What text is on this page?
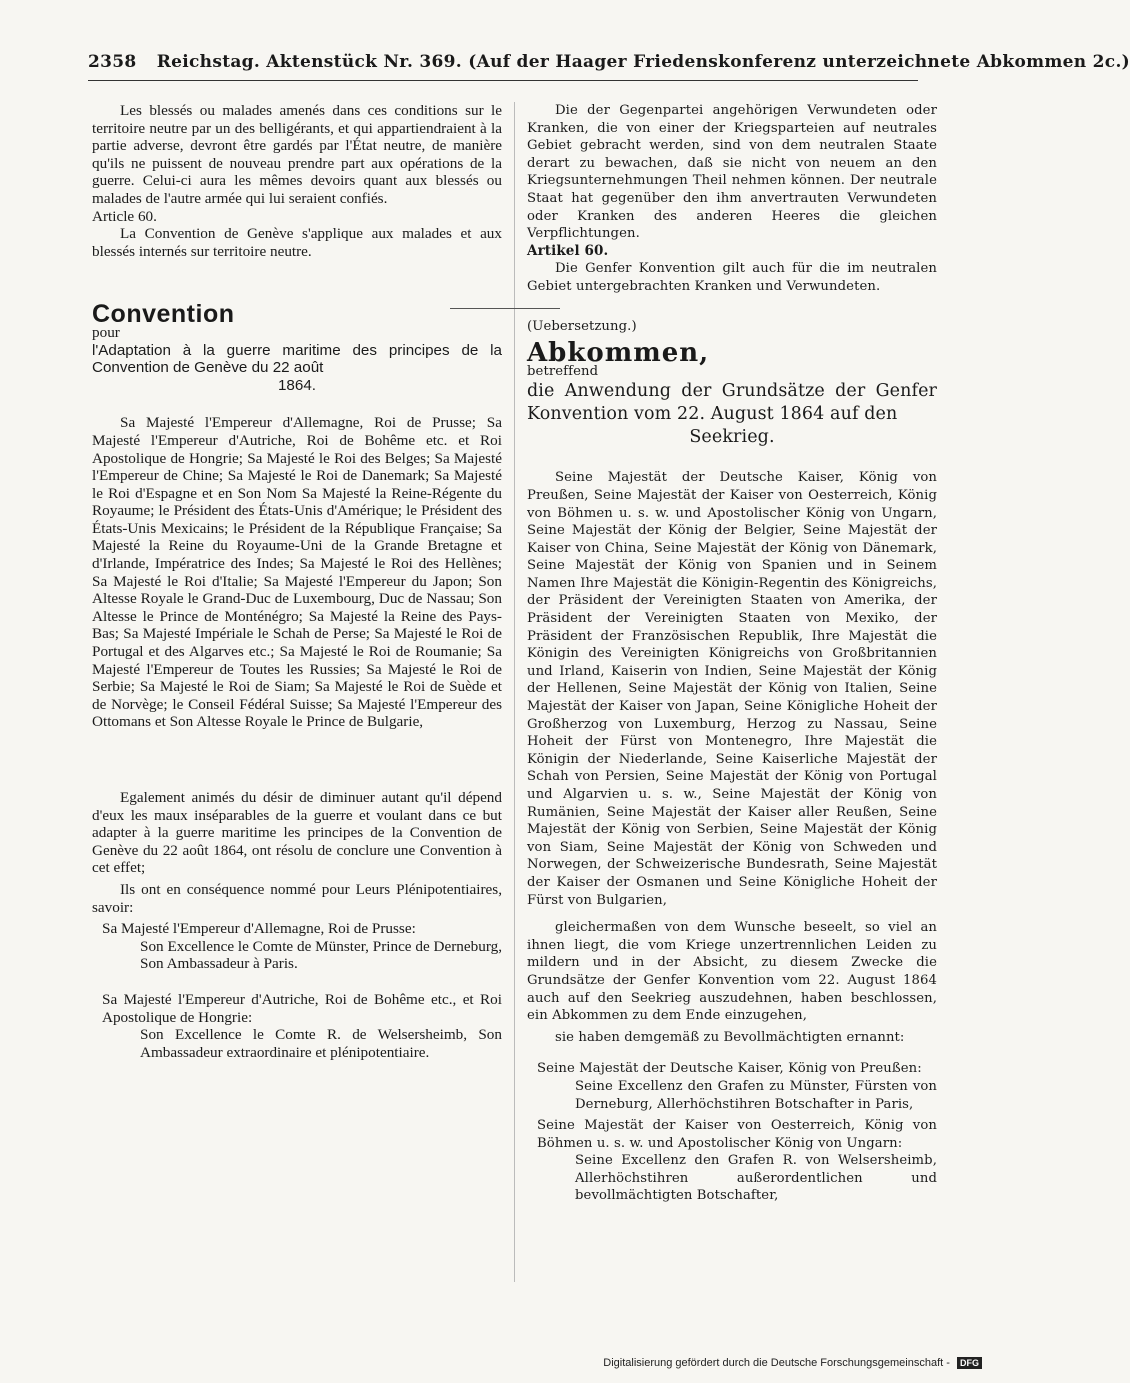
2358 Reichstag. Aktenstück Nr. 369. (Auf der Haager Friedenskonferenz unterzeichnete Abkommen 2c.)

Les blessés ou malades amenés dans ces conditions sur le territoire neutre par un des belligérants, et qui appartiendraient à la partie adverse, devront être gardés par l'État neutre, de manière qu'ils ne puissent de nouveau prendre part aux opérations de la guerre. Celui-ci aura les mêmes devoirs quant aux blessés ou malades de l'autre armée qui lui seraient confiés.

Article 60.

La Convention de Genève s'applique aux malades et aux blessés internés sur territoire neutre.

Convention

pour

l'Adaptation à la guerre maritime des principes de la Convention de Genève du 22 août
1864.

Sa Majesté l'Empereur d'Allemagne, Roi de Prusse; Sa Majesté l'Empereur d'Autriche, Roi de Bohême etc. et Roi Apostolique de Hongrie; Sa Majesté le Roi des Belges; Sa Majesté l'Empereur de Chine; Sa Majesté le Roi de Danemark; Sa Majesté le Roi d'Espagne et en Son Nom Sa Majesté la Reine-Régente du Royaume; le Président des États-Unis d'Amérique; le Président des États-Unis Mexicains; le Président de la République Française; Sa Majesté la Reine du Royaume-Uni de la Grande Bretagne et d'Irlande, Impératrice des Indes; Sa Majesté le Roi des Hellènes; Sa Majesté le Roi d'Italie; Sa Majesté l'Empereur du Japon; Son Altesse Royale le Grand-Duc de Luxembourg, Duc de Nassau; Son Altesse le Prince de Monténégro; Sa Majesté la Reine des Pays-Bas; Sa Majesté Impériale le Schah de Perse; Sa Majesté le Roi de Portugal et des Algarves etc.; Sa Majesté le Roi de Roumanie; Sa Majesté l'Empereur de Toutes les Russies; Sa Majesté le Roi de Serbie; Sa Majesté le Roi de Siam; Sa Majesté le Roi de Suède et de Norvège; le Conseil Fédéral Suisse; Sa Majesté l'Empereur des Ottomans et Son Altesse Royale le Prince de Bulgarie,

Egalement animés du désir de diminuer autant qu'il dépend d'eux les maux inséparables de la guerre et voulant dans ce but adapter à la guerre maritime les principes de la Convention de Genève du 22 août 1864, ont résolu de conclure une Convention à cet effet;

Ils ont en conséquence nommé pour Leurs Plénipotentiaires, savoir:

Sa Majesté l'Empereur d'Allemagne, Roi de Prusse:

Son Excellence le Comte de Münster, Prince de Derneburg, Son Ambassadeur à Paris.

Sa Majesté l'Empereur d'Autriche, Roi de Bohême etc., et Roi Apostolique de Hongrie:

Son Excellence le Comte R. de Welsersheimb, Son Ambassadeur extraordinaire et plénipotentiaire.

Die der Gegenpartei angehörigen Verwundeten oder Kranken, die von einer der Kriegsparteien auf neutrales Gebiet gebracht werden, sind von dem neutralen Staate derart zu bewachen, daß sie nicht von neuem an den Kriegsunternehmungen Theil nehmen können. Der neutrale Staat hat gegenüber den ihm anvertrauten Verwundeten oder Kranken des anderen Heeres die gleichen Verpflichtungen.

Artikel 60.

Die Genfer Konvention gilt auch für die im neutralen Gebiet untergebrachten Kranken und Verwundeten.

(Uebersetzung.)

Abkommen,

betreffend

die Anwendung der Grundsätze der Genfer Konvention vom 22. August 1864 auf den
Seekrieg.

Seine Majestät der Deutsche Kaiser, König von Preußen, Seine Majestät der Kaiser von Oesterreich, König von Böhmen u. s. w. und Apostolischer König von Ungarn, Seine Majestät der König der Belgier, Seine Majestät der Kaiser von China, Seine Majestät der König von Dänemark, Seine Majestät der König von Spanien und in Seinem Namen Ihre Majestät die Königin-Regentin des Königreichs, der Präsident der Vereinigten Staaten von Amerika, der Präsident der Vereinigten Staaten von Mexiko, der Präsident der Französischen Republik, Ihre Majestät die Königin des Vereinigten Königreichs von Großbritannien und Irland, Kaiserin von Indien, Seine Majestät der König der Hellenen, Seine Majestät der König von Italien, Seine Majestät der Kaiser von Japan, Seine Königliche Hoheit der Großherzog von Luxemburg, Herzog zu Nassau, Seine Hoheit der Fürst von Montenegro, Ihre Majestät die Königin der Niederlande, Seine Kaiserliche Majestät der Schah von Persien, Seine Majestät der König von Portugal und Algarvien u. s. w., Seine Majestät der König von Rumänien, Seine Majestät der Kaiser aller Reußen, Seine Majestät der König von Serbien, Seine Majestät der König von Siam, Seine Majestät der König von Schweden und Norwegen, der Schweizerische Bundesrath, Seine Majestät der Kaiser der Osmanen und Seine Königliche Hoheit der Fürst von Bulgarien,

gleichermaßen von dem Wunsche beseelt, so viel an ihnen liegt, die vom Kriege unzertrennlichen Leiden zu mildern und in der Absicht, zu diesem Zwecke die Grundsätze der Genfer Konvention vom 22. August 1864 auch auf den Seekrieg auszudehnen, haben beschlossen, ein Abkommen zu dem Ende einzugehen,

sie haben demgemäß zu Bevollmächtigten ernannt:

Seine Majestät der Deutsche Kaiser, König von Preußen:

Seine Excellenz den Grafen zu Münster, Fürsten von Derneburg, Allerhöchstihren Botschafter in Paris,

Seine Majestät der Kaiser von Oesterreich, König von Böhmen u. s. w. und Apostolischer König von Ungarn:

Seine Excellenz den Grafen R. von Welsersheimb, Allerhöchstihren außerordentlichen und bevollmächtigten Botschafter,

Digitalisierung gefördert durch die Deutsche Forschungsgemeinschaft - DFG
